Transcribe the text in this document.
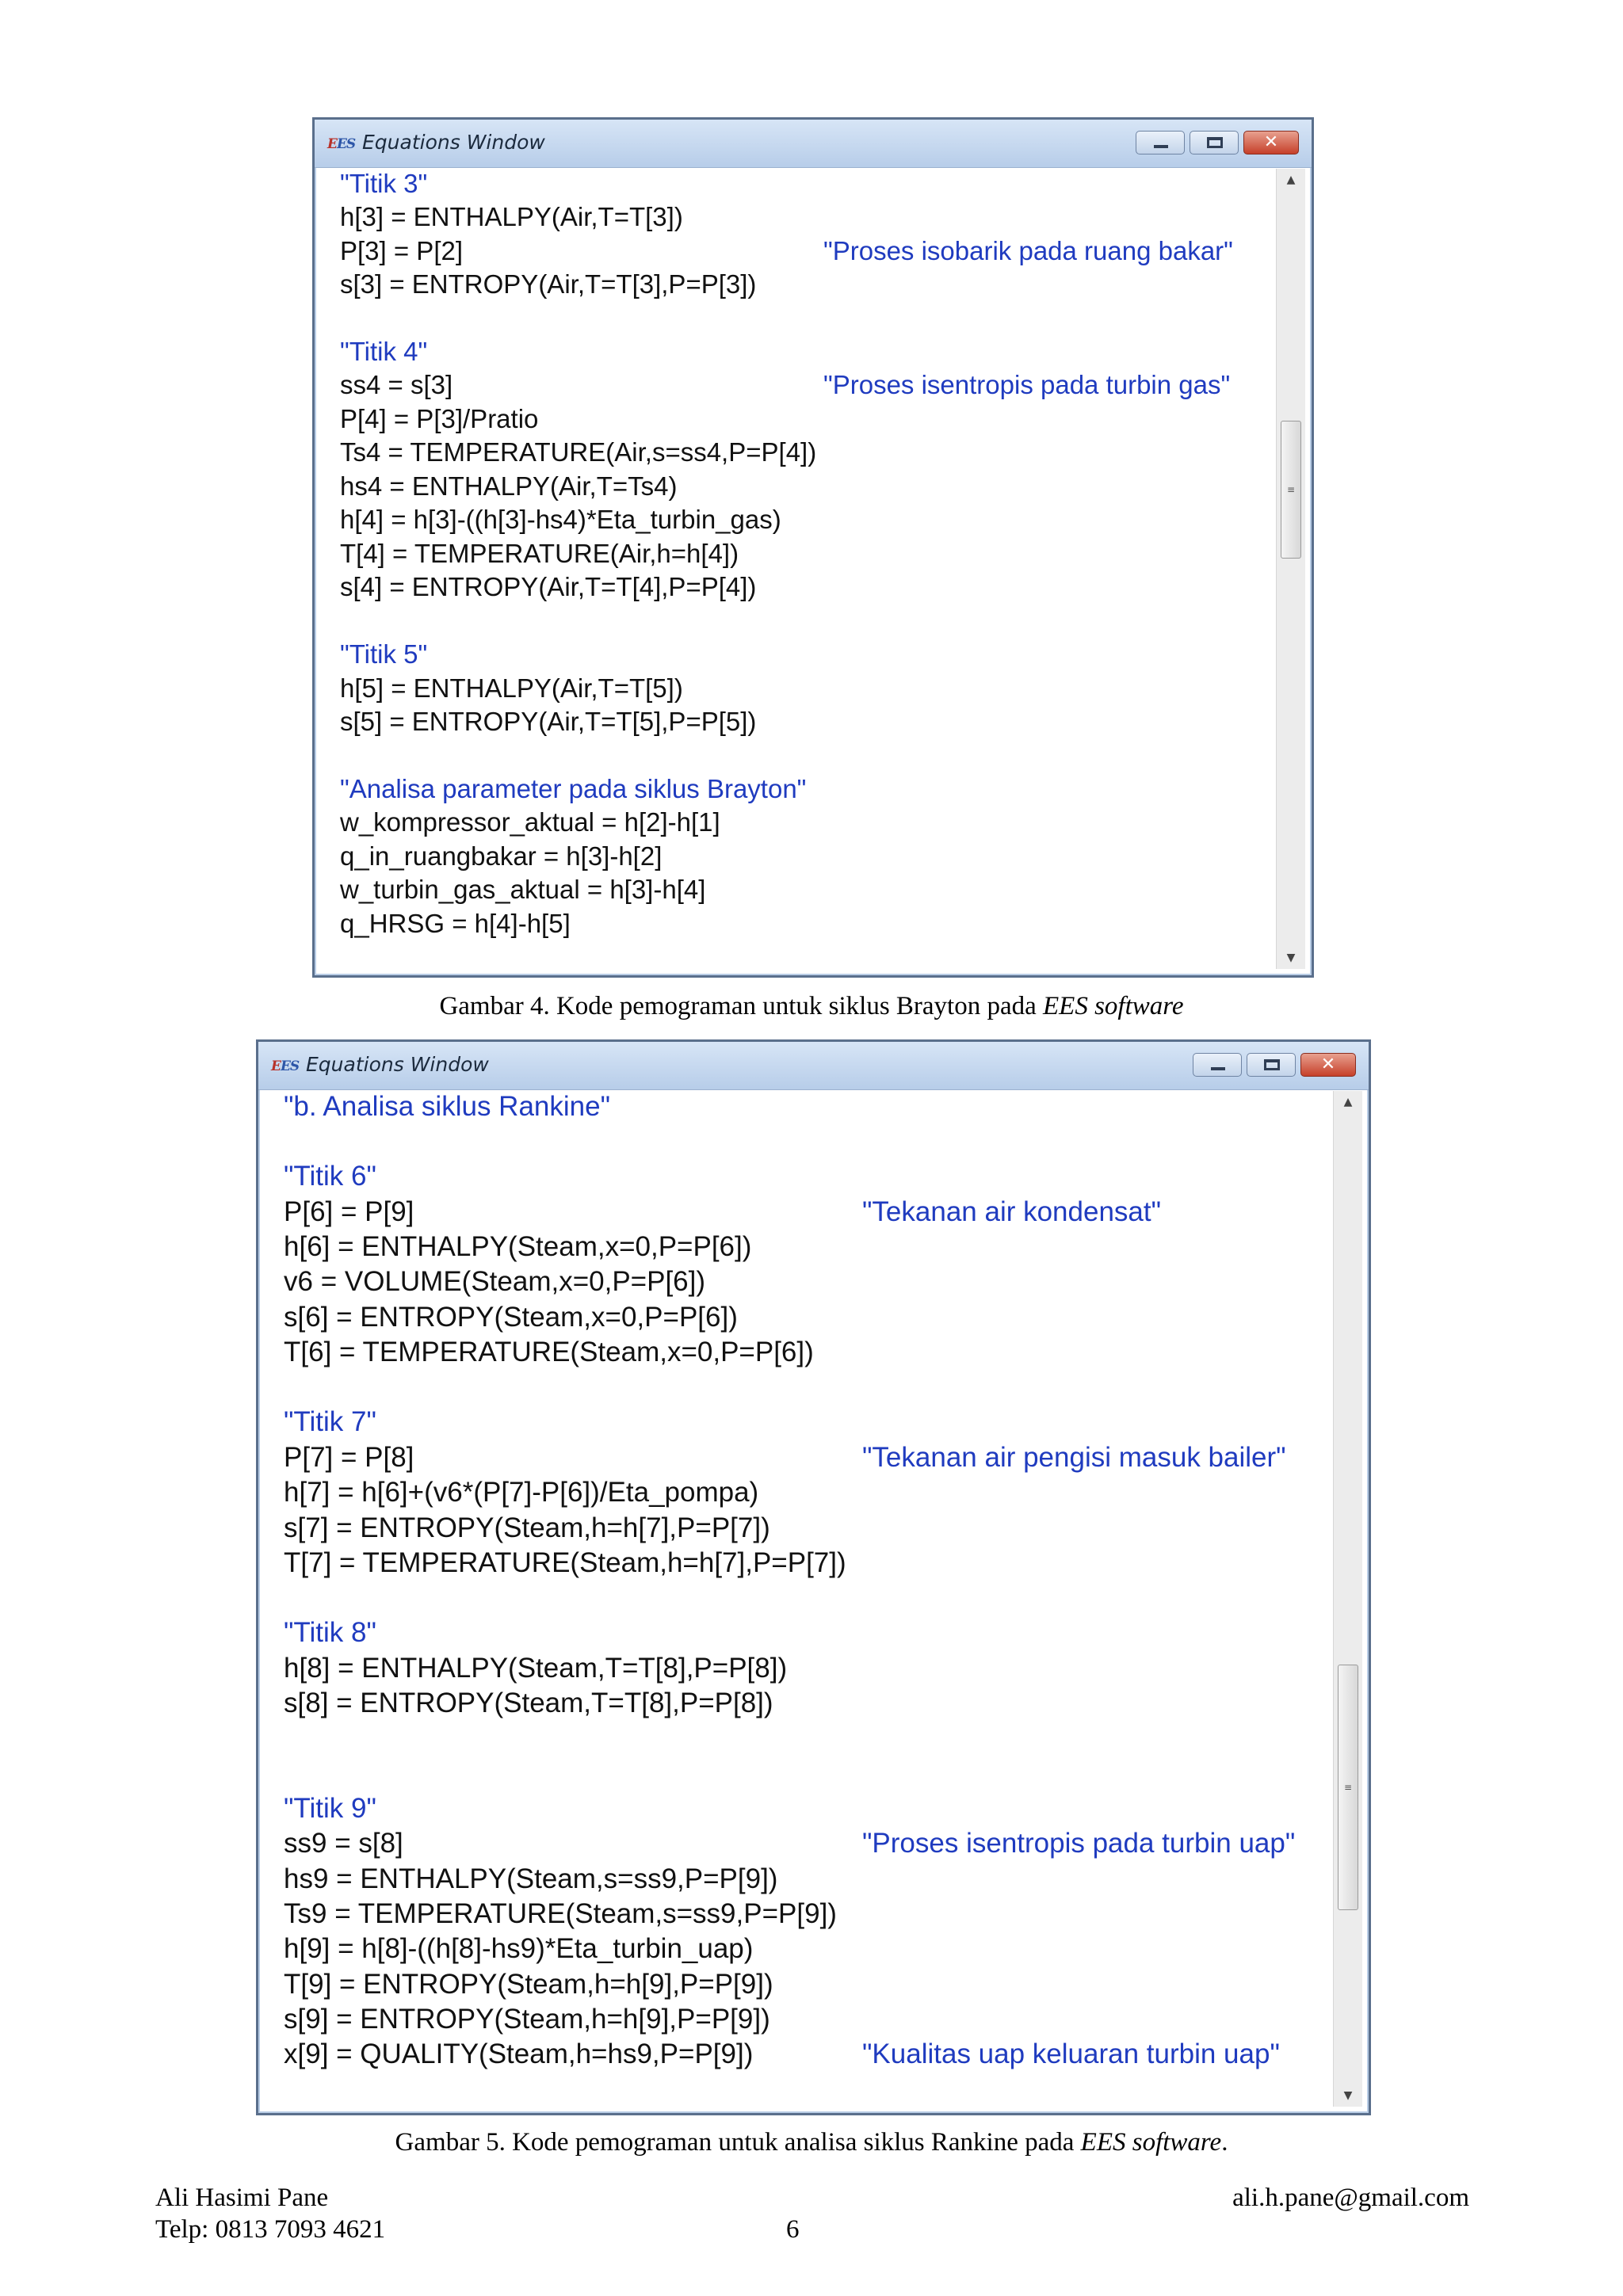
EES Equations Window	✕
"Titik 3"
h[3] = ENTHALPY(Air,T=T[3])
P[3] = P[2]	"Proses isobarik pada ruang bakar"
s[3] = ENTROPY(Air,T=T[3],P=P[3])
"Titik 4"
ss4 = s[3]	"Proses isentropis pada turbin gas"
P[4] = P[3]/Pratio
Ts4 = TEMPERATURE(Air,s=ss4,P=P[4])
hs4 = ENTHALPY(Air,T=Ts4)
h[4] = h[3]-((h[3]-hs4)*Eta_turbin_gas)
T[4] = TEMPERATURE(Air,h=h[4])
s[4] = ENTROPY(Air,T=T[4],P=P[4])
"Titik 5"
h[5] = ENTHALPY(Air,T=T[5])
s[5] = ENTROPY(Air,T=T[5],P=P[5])
"Analisa parameter pada siklus Brayton"
w_kompressor_aktual = h[2]-h[1]
q_in_ruangbakar = h[3]-h[2]
w_turbin_gas_aktual = h[3]-h[4]
q_HRSG = h[4]-h[5]
▲
≡
▼
Gambar 4. Kode pemograman untuk siklus Brayton pada EES software
EES Equations Window	✕
"b. Analisa siklus Rankine"
"Titik 6"
P[6] = P[9]	"Tekanan air kondensat"
h[6] = ENTHALPY(Steam,x=0,P=P[6])
v6 = VOLUME(Steam,x=0,P=P[6])
s[6] = ENTROPY(Steam,x=0,P=P[6])
T[6] = TEMPERATURE(Steam,x=0,P=P[6])
"Titik 7"
P[7] = P[8]	"Tekanan air pengisi masuk bailer"
h[7] = h[6]+(v6*(P[7]-P[6])/Eta_pompa)
s[7] = ENTROPY(Steam,h=h[7],P=P[7])
T[7] = TEMPERATURE(Steam,h=h[7],P=P[7])
"Titik 8"
h[8] = ENTHALPY(Steam,T=T[8],P=P[8])
s[8] = ENTROPY(Steam,T=T[8],P=P[8])
"Titik 9"
ss9 = s[8]	"Proses isentropis pada turbin uap"
hs9 = ENTHALPY(Steam,s=ss9,P=P[9])
Ts9 = TEMPERATURE(Steam,s=ss9,P=P[9])
h[9] = h[8]-((h[8]-hs9)*Eta_turbin_uap)
T[9] = ENTROPY(Steam,h=h[9],P=P[9])
s[9] = ENTROPY(Steam,h=h[9],P=P[9])
x[9] = QUALITY(Steam,h=hs9,P=P[9])	"Kualitas uap keluaran turbin uap"
▲
≡
▼
Gambar 5. Kode pemograman untuk analisa siklus Rankine pada EES software.
Ali Hasimi Pane
Telp: 0813 7093 4621	6
ali.h.pane@gmail.com
